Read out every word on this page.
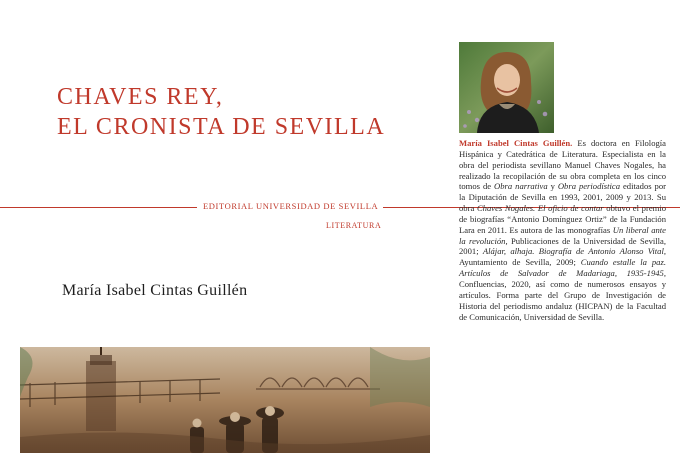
CHAVES REY,
EL CRONISTA DE SEVILLA
EDITORIAL UNIVERSIDAD DE SEVILLA
LITERATURA
María Isabel Cintas Guillén

María Isabel Cintas Guillén. Es doctora en Filología Hispánica y Catedrática de Literatura. Especialista en la obra del periodista sevillano Manuel Chaves Nogales, ha realizado la recopilación de su obra completa en los cinco tomos de Obra narrativa y Obra periodística editados por la Diputación de Sevilla en 1993, 2001, 2009 y 2013. Su obra Chaves Nogales. El oficio de contar obtuvo el premio de biografías “Antonio Domínguez Ortiz” de la Fundación Lara en 2011. Es autora de las monografías Un liberal ante la revolución, Publicaciones de la Universidad de Sevilla, 2001; Alájar, alhaja. Biografía de Antonio Alonso Vital, Ayuntamiento de Sevilla, 2009; Cuando estalle la paz. Artículos de Salvador de Madariaga, 1935-1945, Confluencias, 2020, así como de numerosos ensayos y artículos. Forma parte del Grupo de Investigación de Historia del periodismo andaluz (HICPAN) de la Facultad de Comunicación, Universidad de Sevilla.
